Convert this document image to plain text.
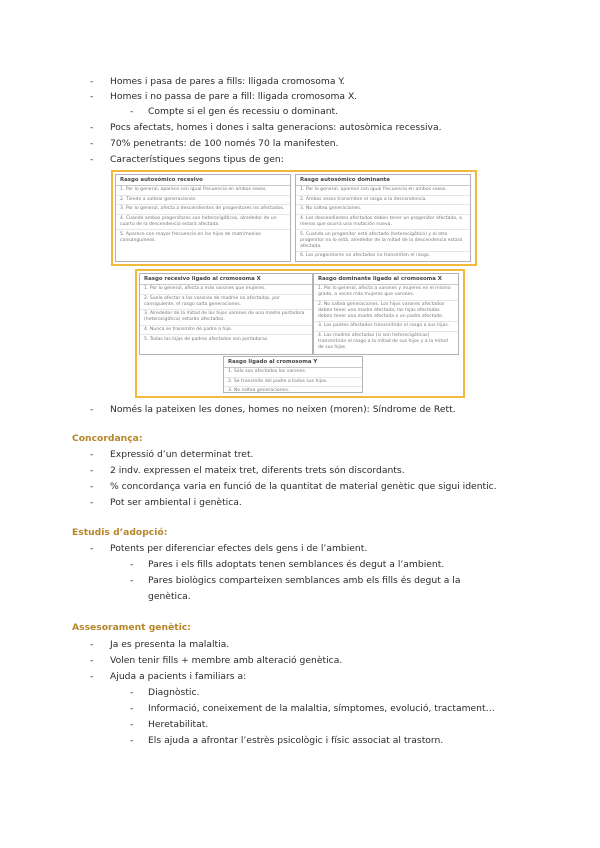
- Homes i pasa de pares a fills: lligada cromosoma Y.
- Homes i no passa de pare a fill: lligada cromosoma X.
- Compte si el gen és recessiu o dominant.
- Pocs afectats, homes i dones i salta generacions: autosòmica recessiva.
- 70% penetrants: de 100 només 70 la manifesten.
- Característiques segons tipus de gen:
Rasgo autosómico recesivo
1. Por lo general, aparece con igual frecuencia en ambos sexos.
2. Tiende a saltear generaciones.
3. Por lo general, afecta a descendientes de progenitores no afectados.
4. Cuando ambos progenitores son heterocigóticos, alrededor de un cuarto de la descendencia estará afectada.
5. Aparece con mayor frecuencia en los hijos de matrimonios consanguíneos.
Rasgo autosómico dominante
1. Por lo general, aparece con igual frecuencia en ambos sexos.
2. Ambos sexos transmiten el rasgo a la descendencia.
3. No saltea generaciones.
4. Los descendientes afectados deben tener un progenitor afectado, a menos que ocurra una mutación nueva.
5. Cuando un progenitor está afectado (heterocigótico) y el otro progenitor no lo está, alrededor de la mitad de la descendencia estará afectada.
6. Los progenitores no afectados no transmiten el rasgo.
Rasgo recesivo ligado al cromosoma X
1. Por lo general, afecta a más varones que mujeres.
2. Suele afectar a los varones de madres no afectadas, por consiguiente, el rasgo salta generaciones.
3. Alrededor de la mitad de los hijos varones de una madre portadora (heterocigótica) estarán afectados.
4. Nunca se transmite de padre a hijo.
5. Todas las hijas de padres afectados son portadoras.
Rasgo dominante ligado al cromosoma X
1. Por lo general, afecta a varones y mujeres en el mismo grado, a veces más mujeres que varones.
2. No saltea generaciones. Los hijos varones afectados deben tener una madre afectada; las hijas afectadas deben tener una madre afectada o un padre afectado.
3. Los padres afectados transmitirán el rasgo a sus hijas.
4. Las madres afectadas (si son heterocigóticas) transmitirán el rasgo a la mitad de sus hijos y a la mitad de sus hijas.
Rasgo ligado al cromosoma Y
1. Sólo son afectados los varones.
2. Se transmite del padre a todos sus hijos.
3. No saltea generaciones.
- Només la pateixen les dones, homes no neixen (moren): Síndrome de Rett.
Concordança:
- Expressió d’un determinat tret.
- 2 indv. expressen el mateix tret, diferents trets són discordants.
- % concordança varia en funció de la quantitat de material genètic que sigui identic.
- Pot ser ambiental i genètica.
Estudis d’adopció:
- Potents per diferenciar efectes dels gens i de l’ambient.
- Pares i els fills adoptats tenen semblances és degut a l’ambient.
- Pares biològics comparteixen semblances amb els fills és degut a la
genètica.
Assesorament genètic:
- Ja es presenta la malaltia.
- Volen tenir fills + membre amb alteració genètica.
- Ajuda a pacients i familiars a:
- Diagnòstic.
- Informació, coneixement de la malaltia, símptomes, evolució, tractament…
- Heretabilitat.
- Els ajuda a afrontar l’estrès psicològic i físic associat al trastorn.
